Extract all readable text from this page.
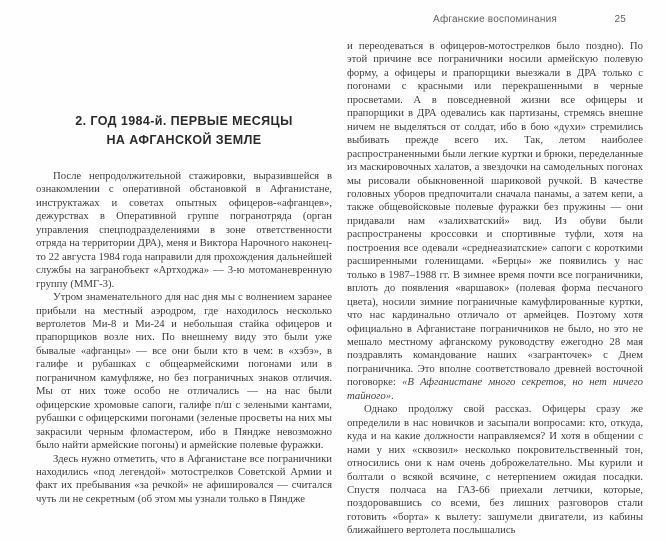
2. ГОД 1984-й. ПЕРВЫЕ МЕСЯЦЫ
НА АФГАНСКОЙ ЗЕМЛЕ

После непродолжительной стажировки, выразившейся в ознакомлении с оперативной обстановкой в Афганистане, инструктажах и советах опытных офицеров-«афганцев», дежурствах в Оперативной группе погранотряда (орган управления спецподразделениями в зоне ответственности отряда на территории ДРА), меня и Виктора Нарочного наконец-то 22 августа 1984 года направили для прохождения дальнейшей службы на загранобъект «Артходжа» — 3-ю мотоманевренную группу (ММГ-3).

Утром знаменательного для нас дня мы с волнением заранее прибыли на местный аэродром, где находилось несколько вертолетов Ми-8 и Ми-24 и небольшая стайка офицеров и прапорщиков возле них. По внешнему виду это были уже бывалые «афганцы» — все они были кто в чем: в «хэбэ», в галифе и рубашках с общеармейскими погонами или в пограничном камуфляже, но без пограничных знаков отличия. Мы от них тоже особо не отличались — на нас были офицерские хромовые сапоги, галифе п/ш с зелеными кантами, рубашки с офицерскими погонами (зеленые просветы на них мы закрасили черным фломастером, ибо в Пяндже невозможно было найти армейские погоны) и армейские полевые фуражки.

Здесь нужно отметить, что в Афганистане все пограничники находились «под легендой» мотострелков Советской Армии и факт их пребывания «за речкой» не афишировался — считался чуть ли не секретным (об этом мы узнали только в Пяндже

Афганские воспоминания	25

и переодеваться в офицеров-мотострелков было поздно). По этой причине все пограничники носили армейскую полевую форму, а офицеры и прапорщики выезжали в ДРА только с погонами с красными или перекрашенными в черные просветами. А в повседневной жизни все офицеры и прапорщики в ДРА одевались как партизаны, стремясь внешне ничем не выделяться от солдат, ибо в бою «духи» стремились выбивать прежде всего их. Так, летом наиболее распространенными были легкие куртки и брюки, переделанные из маскировочных халатов, а звездочки на самодельных погонах мы рисовали обыкновенной шариковой ручкой. В качестве головных уборов предпочитали сначала панамы, а затем кепи, а также общевойсковые полевые фуражки без пружины — они придавали нам «залихватский» вид. Из обуви были распространены кроссовки и спортивные туфли, хотя на построения все одевали «среднеазиатские» сапоги с короткими расширенными голенищами. «Берцы» же появились у нас только в 1987–1988 гг. В зимнее время почти все пограничники, вплоть до появления «варшавок» (полевая форма песчаного цвета), носили зимние пограничные камуфлированные куртки, что нас кардинально отличало от армейцев. Поэтому хотя официально в Афганистане пограничников не было, но это не мешало местному афганскому руководству ежегодно 28 мая поздравлять командование наших «загранточек» с Днем пограничника. Это вполне соответствовало древней восточной поговорке: «В Афганистане много секретов, но нет ничего тайного».

Однако продолжу свой рассказ. Офицеры сразу же определили в нас новичков и засыпали вопросами: кто, откуда, куда и на какие должности направляемся? И хотя в общении с нами у них «сквозил» несколько покровительственный тон, относились они к нам очень доброжелательно. Мы курили и болтали о всякой всячине, с нетерпением ожидая посадки. Спустя полчаса на ГАЗ-66 приехали летчики, которые, поздоровавшись со всеми, без лишних разговоров стали готовить «борта» к вылету: зашумели двигатели, из кабины ближайшего вертолета послышались
